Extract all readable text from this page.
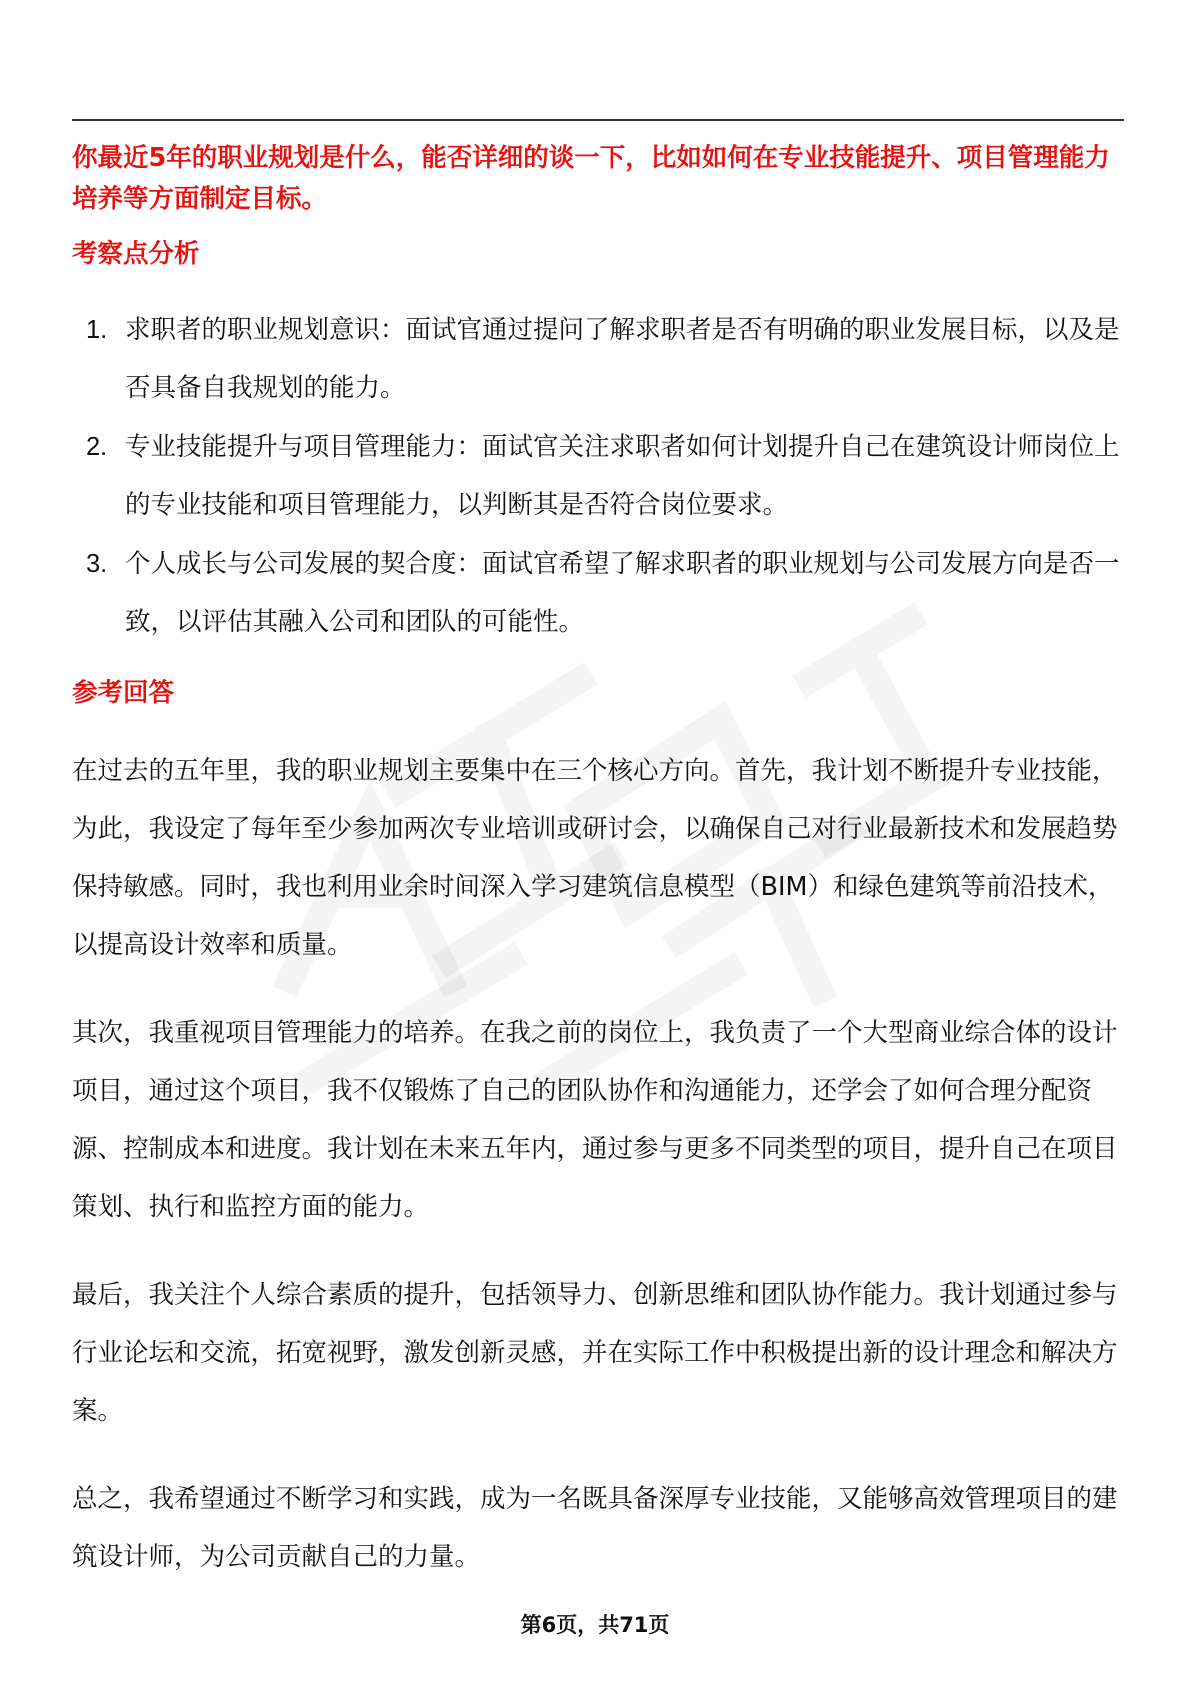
你最近5年的职业规划是什么，能否详细的谈一下，比如如何在专业技能提升、项目管理能力培养等方面制定目标。

考察点分析
1. 求职者的职业规划意识：面试官通过提问了解求职者是否有明确的职业发展目标，以及是否具备自我规划的能力。
2. 专业技能提升与项目管理能力：面试官关注求职者如何计划提升自己在建筑设计师岗位上的专业技能和项目管理能力，以判断其是否符合岗位要求。
3. 个人成长与公司发展的契合度：面试官希望了解求职者的职业规划与公司发展方向是否一致，以评估其融入公司和团队的可能性。
参考回答

在过去的五年里，我的职业规划主要集中在三个核心方向。首先，我计划不断提升专业技能，为此，我设定了每年至少参加两次专业培训或研讨会，以确保自己对行业最新技术和发展趋势保持敏感。同时，我也利用业余时间深入学习建筑信息模型（BIM）和绿色建筑等前沿技术，以提高设计效率和质量。

其次，我重视项目管理能力的培养。在我之前的岗位上，我负责了一个大型商业综合体的设计项目，通过这个项目，我不仅锻炼了自己的团队协作和沟通能力，还学会了如何合理分配资源、控制成本和进度。我计划在未来五年内，通过参与更多不同类型的项目，提升自己在项目策划、执行和监控方面的能力。

最后，我关注个人综合素质的提升，包括领导力、创新思维和团队协作能力。我计划通过参与行业论坛和交流，拓宽视野，激发创新灵感，并在实际工作中积极提出新的设计理念和解决方案。

总之，我希望通过不断学习和实践，成为一名既具备深厚专业技能，又能够高效管理项目的建筑设计师，为公司贡献自己的力量。

第6页，共71页
